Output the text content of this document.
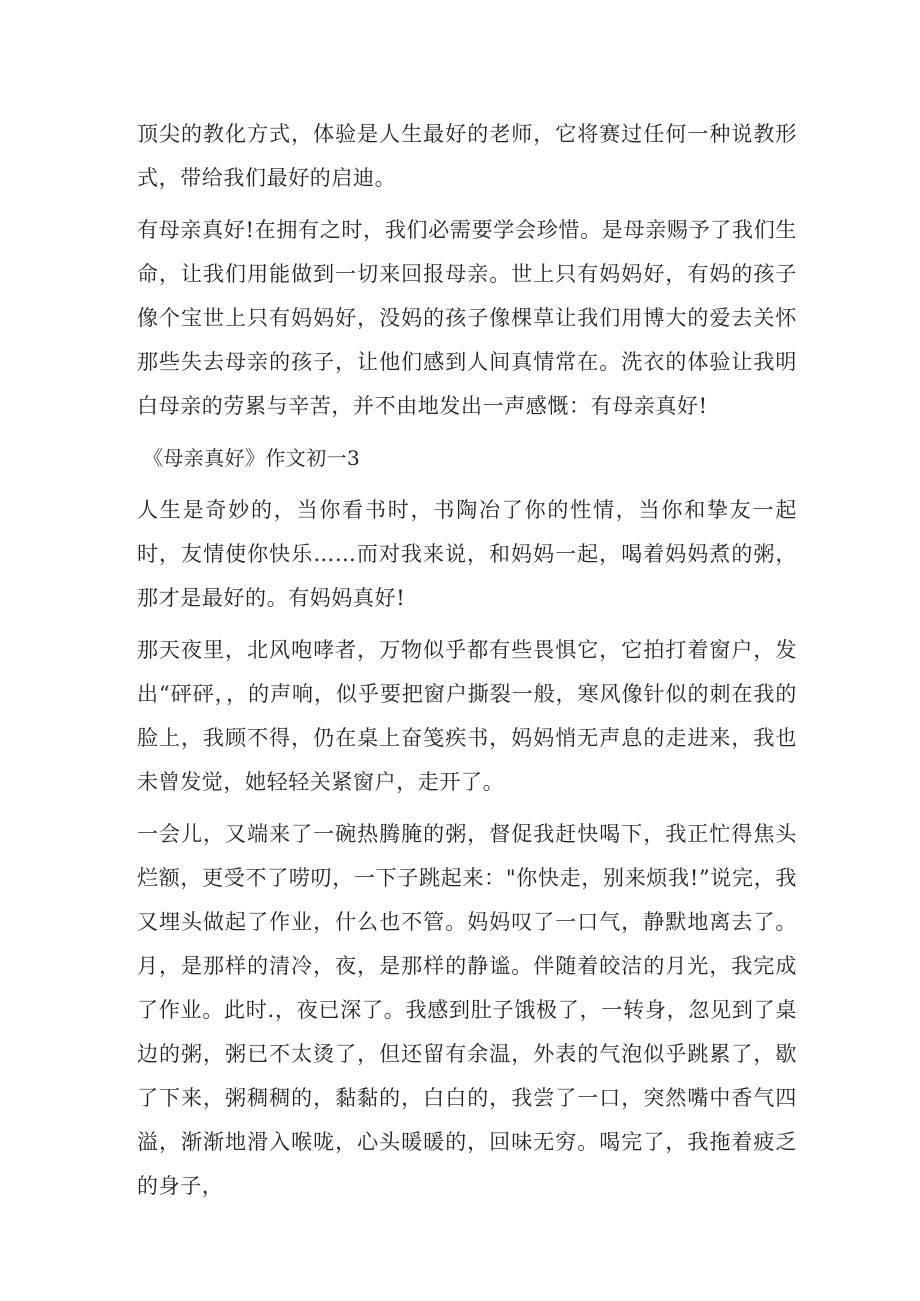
顶尖的教化方式，体验是人生最好的老师，它将赛过任何一种说教形式，带给我们最好的启迪。

有母亲真好!在拥有之时，我们必需要学会珍惜。是母亲赐予了我们生命，让我们用能做到一切来回报母亲。世上只有妈妈好，有妈的孩子像个宝世上只有妈妈好，没妈的孩子像棵草让我们用博大的爱去关怀那些失去母亲的孩子，让他们感到人间真情常在。洗衣的体验让我明白母亲的劳累与辛苦，并不由地发出一声感慨：有母亲真好!

《母亲真好》作文初一3

人生是奇妙的，当你看书时，书陶冶了你的性情，当你和挚友一起时，友情使你快乐……而对我来说，和妈妈一起，喝着妈妈煮的粥，那才是最好的。有妈妈真好!

那天夜里，北风咆哮者，万物似乎都有些畏惧它，它拍打着窗户，发出“砰砰，，的声响，似乎要把窗户撕裂一般，寒风像针似的刺在我的脸上，我顾不得，仍在桌上奋笺疾书，妈妈悄无声息的走进来，我也未曾发觉，她轻轻关紧窗户，走开了。

一会儿，又端来了一碗热腾腌的粥，督促我赶快喝下，我正忙得焦头烂额，更受不了唠叨，一下子跳起来："你快走，别来烦我!”说完，我又埋头做起了作业，什么也不管。妈妈叹了一口气，静默地离去了。月，是那样的清冷，夜，是那样的静谧。伴随着皎洁的月光，我完成了作业。此时.，夜已深了。我感到肚子饿极了，一转身，忽见到了桌边的粥，粥已不太烫了，但还留有余温，外表的气泡似乎跳累了，歇了下来，粥稠稠的，黏黏的，白白的，我尝了一口，突然嘴中香气四溢，渐渐地滑入喉咙，心头暖暖的，回味无穷。喝完了，我拖着疲乏的身子，
